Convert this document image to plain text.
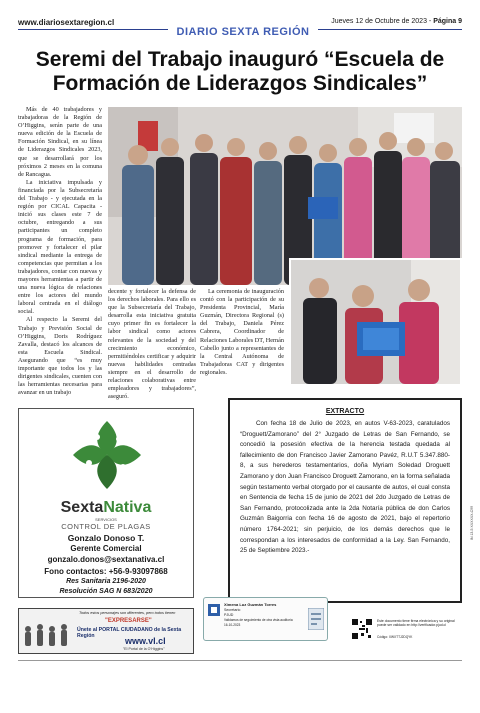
www.diariosextaregion.cl
DIARIO SEXTA REGIÓN
Jueves 12 de Octubre de 2023 - Página 9
Seremi del Trabajo inauguró “Escuela de
Formación de Liderazgos Sindicales”

Más de 40 trabajadores y trabajadoras de la Región de O’Higgins, serán parte de una nueva edición de la Escuela de Formación Sindical, en su línea de Liderazgos Sindicales 2023, que se desarrollará por los próximos 2 meses en la comuna de Rancagua.

La iniciativa impulsada y financiada por la Subsecretaría del Trabajo - y ejecutada en la región por CICAL Capacita - inició sus clases este 7 de octubre, entregando a sus participantes un completo programa de formación, para promover y fortalecer el pilar sindical mediante la entrega de competencias que permitan a los trabajadores, contar con nuevas y mayores herramientas a partir de una nueva lógica de relaciones entre los actores del mundo laboral centrada en el diálogo social.

Al respecto la Seremi del Trabajo y Previsión Social de O’Higgins, Doris Rodríguez Zavalla, destacó los alcances de esta Escuela Sindical. Asegurando que “es muy importante que todos los y las dirigentes sindicales, cuenten con las herramientas necesarias para avanzar en un trabajo

decente y fortalecer la defensa de los derechos laborales. Para ello es que la Subsecretaría del Trabajo, desarrolla esta iniciativa gratuita cuyo primer fin es fortalecer la labor sindical como actores relevantes de la sociedad y del crecimiento económico, permitiéndoles certificar y adquirir nuevas habilidades centradas siempre en el desarrollo de relaciones colaborativas entre empleadores y trabajadores”, aseguró.

La ceremonia de inauguración contó con la participación de su Presidenta Provincial, María Guzmán, Directora Regional (s) del Trabajo, Daniela Pérez Cabrera, Coordinador de Relaciones Laborales DT, Hernán Cabello junto a representantes de la Central Autónoma de Trabajadoras CAT y dirigentes regionales.

SextaNativa
SERVICIOS
CONTROL DE PLAGAS
Gonzalo Donoso T.
Gerente Comercial
gonzalo.donos@sextanativa.cl
Fono contactos: +56-9-93097868
Res Sanitaria 2196-2020
Resolución SAG N 683/2020
EXTRACTO
Con fecha 18 de Julio de 2023, en autos V-63-2023, caratulados “Droguett/Zamorano” del 2° Juzgado de Letras de San Fernando, se concedió la posesión efectiva de la herencia testada quedada al fallecimiento de don Francisco Javier Zamorano Pavéz, R.U.T 5.347.880-8, a sus herederos testamentarios, doña Myriam Soledad Droguett Zamorano y don Juan Francisco Droguett Zamorano, en la forma señalada según testamento verbal otorgado por el causante de autos, el cual consta en Sentencia de fecha 15 de junio de 2021 del 2do Juzgado de Letras de San Fernando, protocolizada ante la 2da Notaría pública de don Carlos Guzmán Baigorria con fecha 16 de agosto de 2021, bajo el repertorio número 1764-2021; sin perjuicio, de los demás derechos que le correspondan a los interesados de conformidad a la Ley. San Fernando, 25 de Septiembre 2023.-
Ximena Luz Guzmán Torres
Secretario
PJUD
Validamos de seguimiento de otra vista auditoría
16-10-2023
Este documento tiene firma electrónica y su original puede ser validado en http://verificador.pjud.cl
Código: XWXTTJ2DQYK
IN 13-5:XXXXXX-C99
Todos estos personajes son diferentes, pero todos tienen
"EXPRESARSE"
Únete al PORTAL CIUDADANO de la Sexta Región	www.vl.cl
"El Portal de la O’Higgins"
